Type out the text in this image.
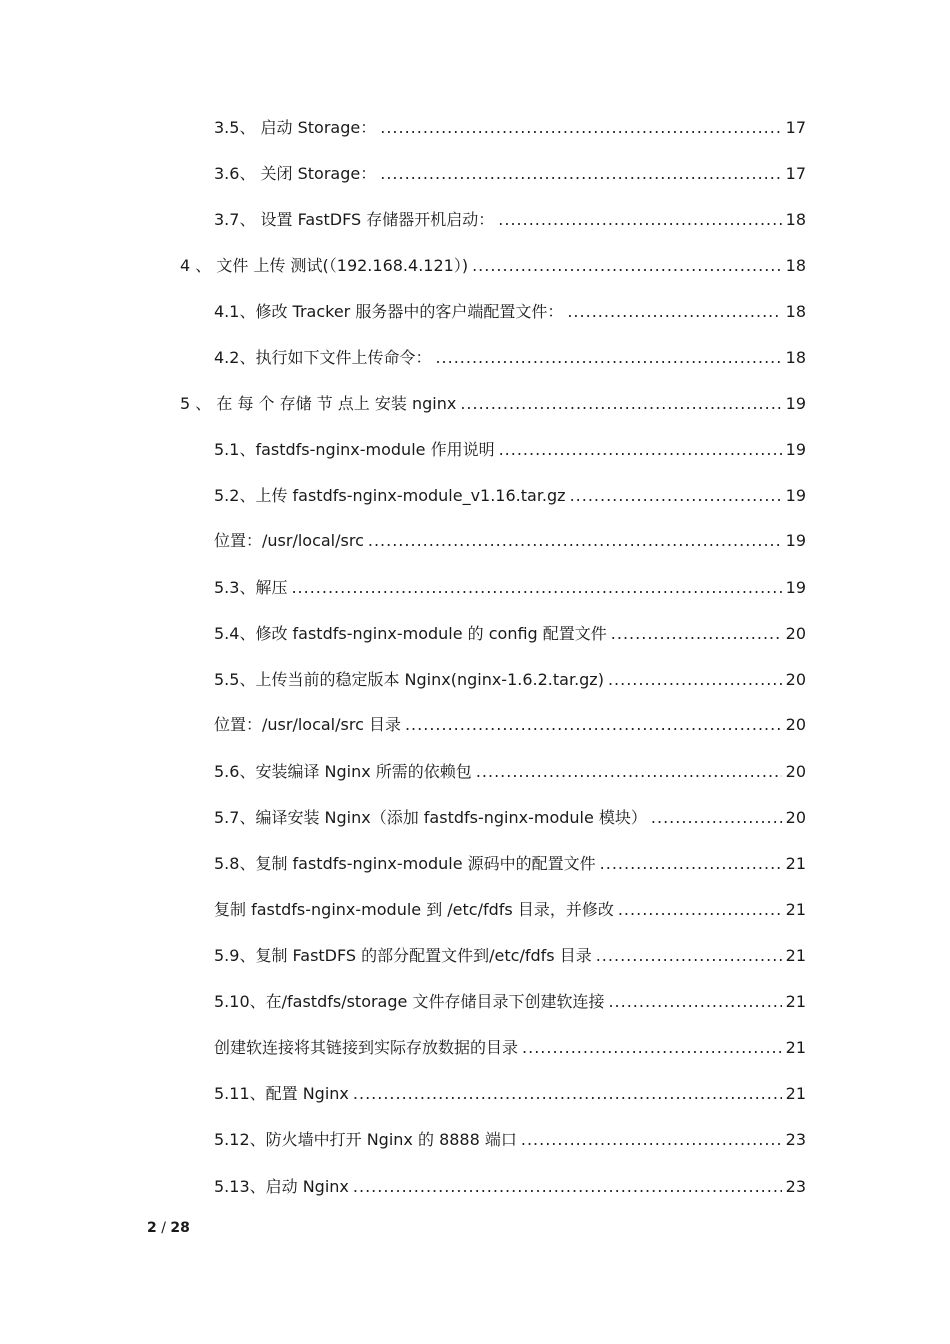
3.5、 启动 Storage： .....	17
3.6、 关闭 Storage： .....	17
3.7、 设置 FastDFS 存储器开机启动： .....	18
4 、 文件 上传 测试(（192.168.4.121）) .....	18
4.1、修改 Tracker 服务器中的客户端配置文件： .....	18
4.2、执行如下文件上传命令： .....	18
5 、 在 每 个 存储 节 点上 安装 nginx .....	19
5.1、fastdfs-nginx-module 作用说明 .....	19
5.2、上传 fastdfs-nginx-module_v1.16.tar.gz .....	19
位置：/usr/local/src .....	19
5.3、解压 .....	19
5.4、修改 fastdfs-nginx-module 的 config 配置文件 .....	20
5.5、上传当前的稳定版本 Nginx(nginx-1.6.2.tar.gz) .....	20
位置：/usr/local/src 目录 .....	20
5.6、安装编译 Nginx 所需的依赖包 .....	20
5.7、编译安装 Nginx（添加 fastdfs-nginx-module 模块） .....	20
5.8、复制 fastdfs-nginx-module 源码中的配置文件 .....	21
复制 fastdfs-nginx-module 到 /etc/fdfs 目录，并修改 .....	21
5.9、复制 FastDFS 的部分配置文件到/etc/fdfs 目录 .....	21
5.10、在/fastdfs/storage 文件存储目录下创建软连接 .....	21
创建软连接将其链接到实际存放数据的目录 .....	21
5.11、配置 Nginx .....	21
5.12、防火墙中打开 Nginx 的 8888 端口 .....	23
5.13、启动 Nginx .....	23
2 / 28
